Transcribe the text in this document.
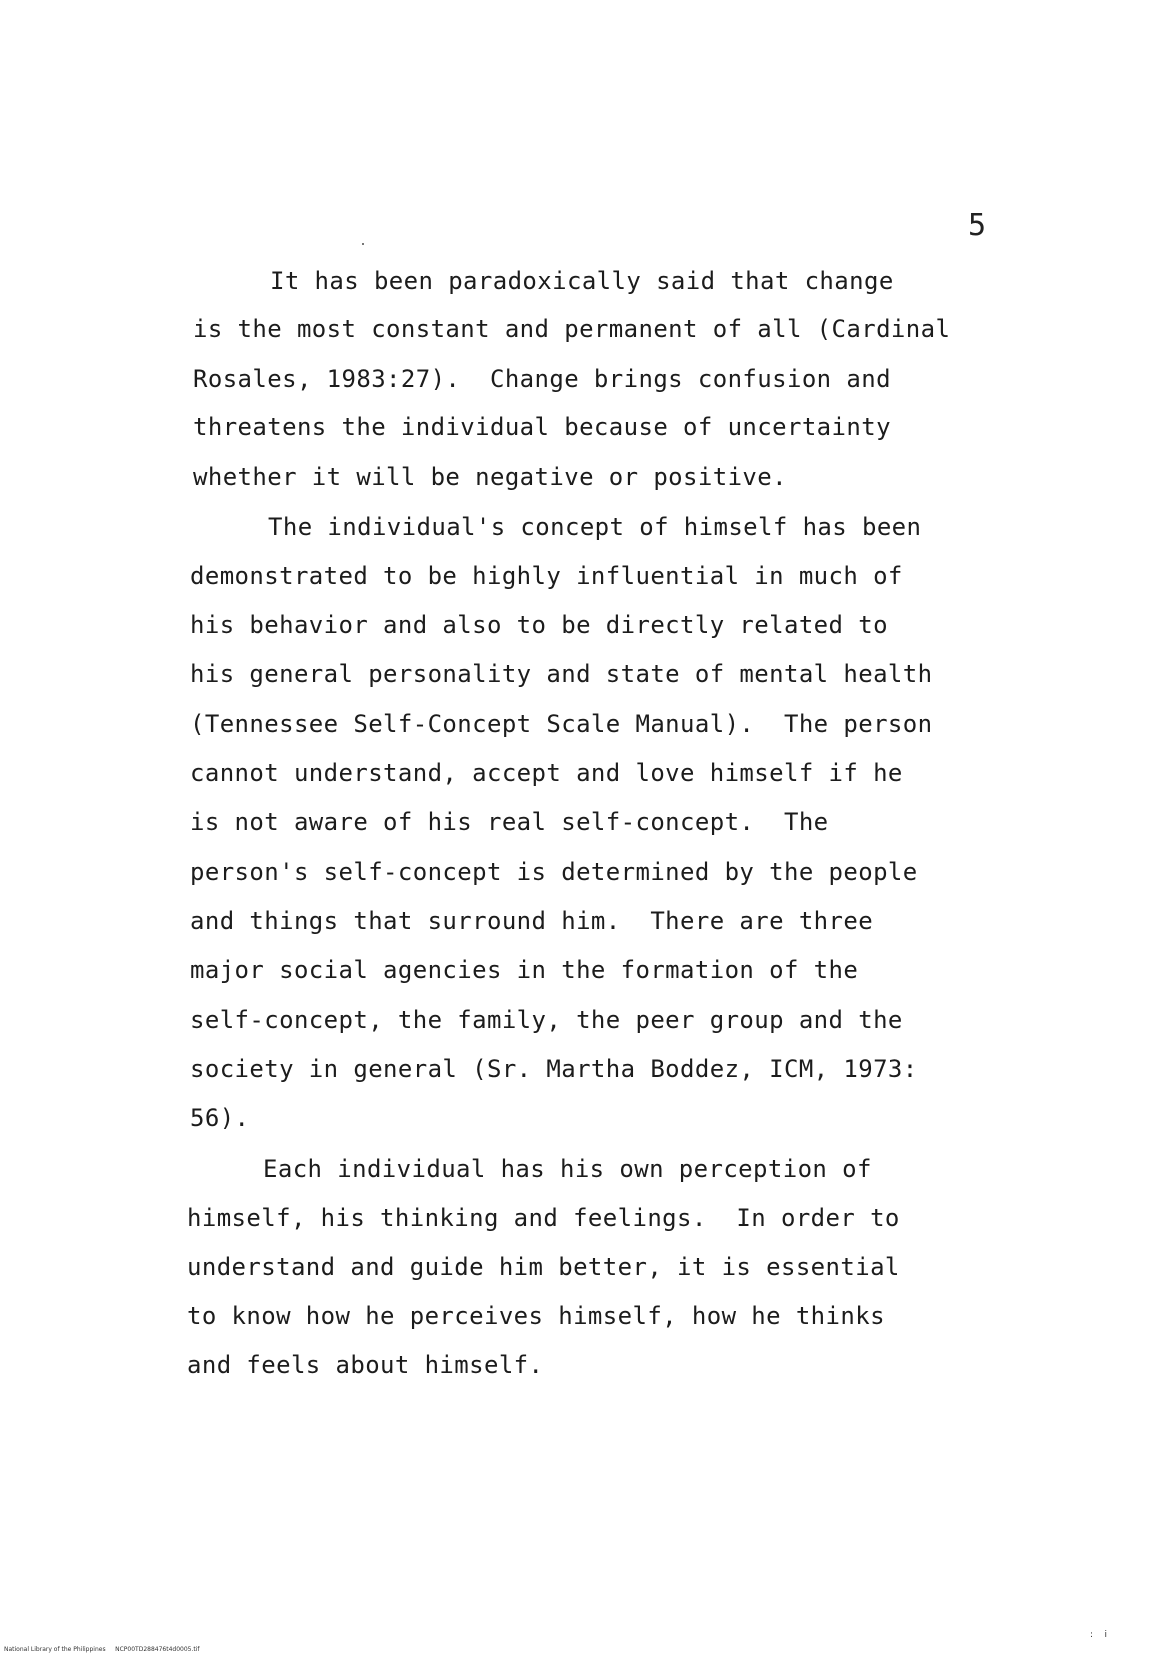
5
It has been paradoxically said that change
is the most constant and permanent of all (Cardinal
Rosales, 1983:27).  Change brings confusion and
threatens the individual because of uncertainty
whether it will be negative or positive.
The individual's concept of himself has been
demonstrated to be highly influential in much of
his behavior and also to be directly related to
his general personality and state of mental health
(Tennessee Self-Concept Scale Manual).  The person
cannot understand, accept and love himself if he
is not aware of his real self-concept.  The
person's self-concept is determined by the people
and things that surround him.  There are three
major social agencies in the formation of the
self-concept, the family, the peer group and the
society in general (Sr. Martha Boddez, ICM, 1973:
56).
Each individual has his own perception of
himself, his thinking and feelings.  In order to
understand and guide him better, it is essential
to know how he perceives himself, how he thinks
and feels about himself.
National Library of the Philippines     NCP00TD288476t4d0005.tif
:    i
